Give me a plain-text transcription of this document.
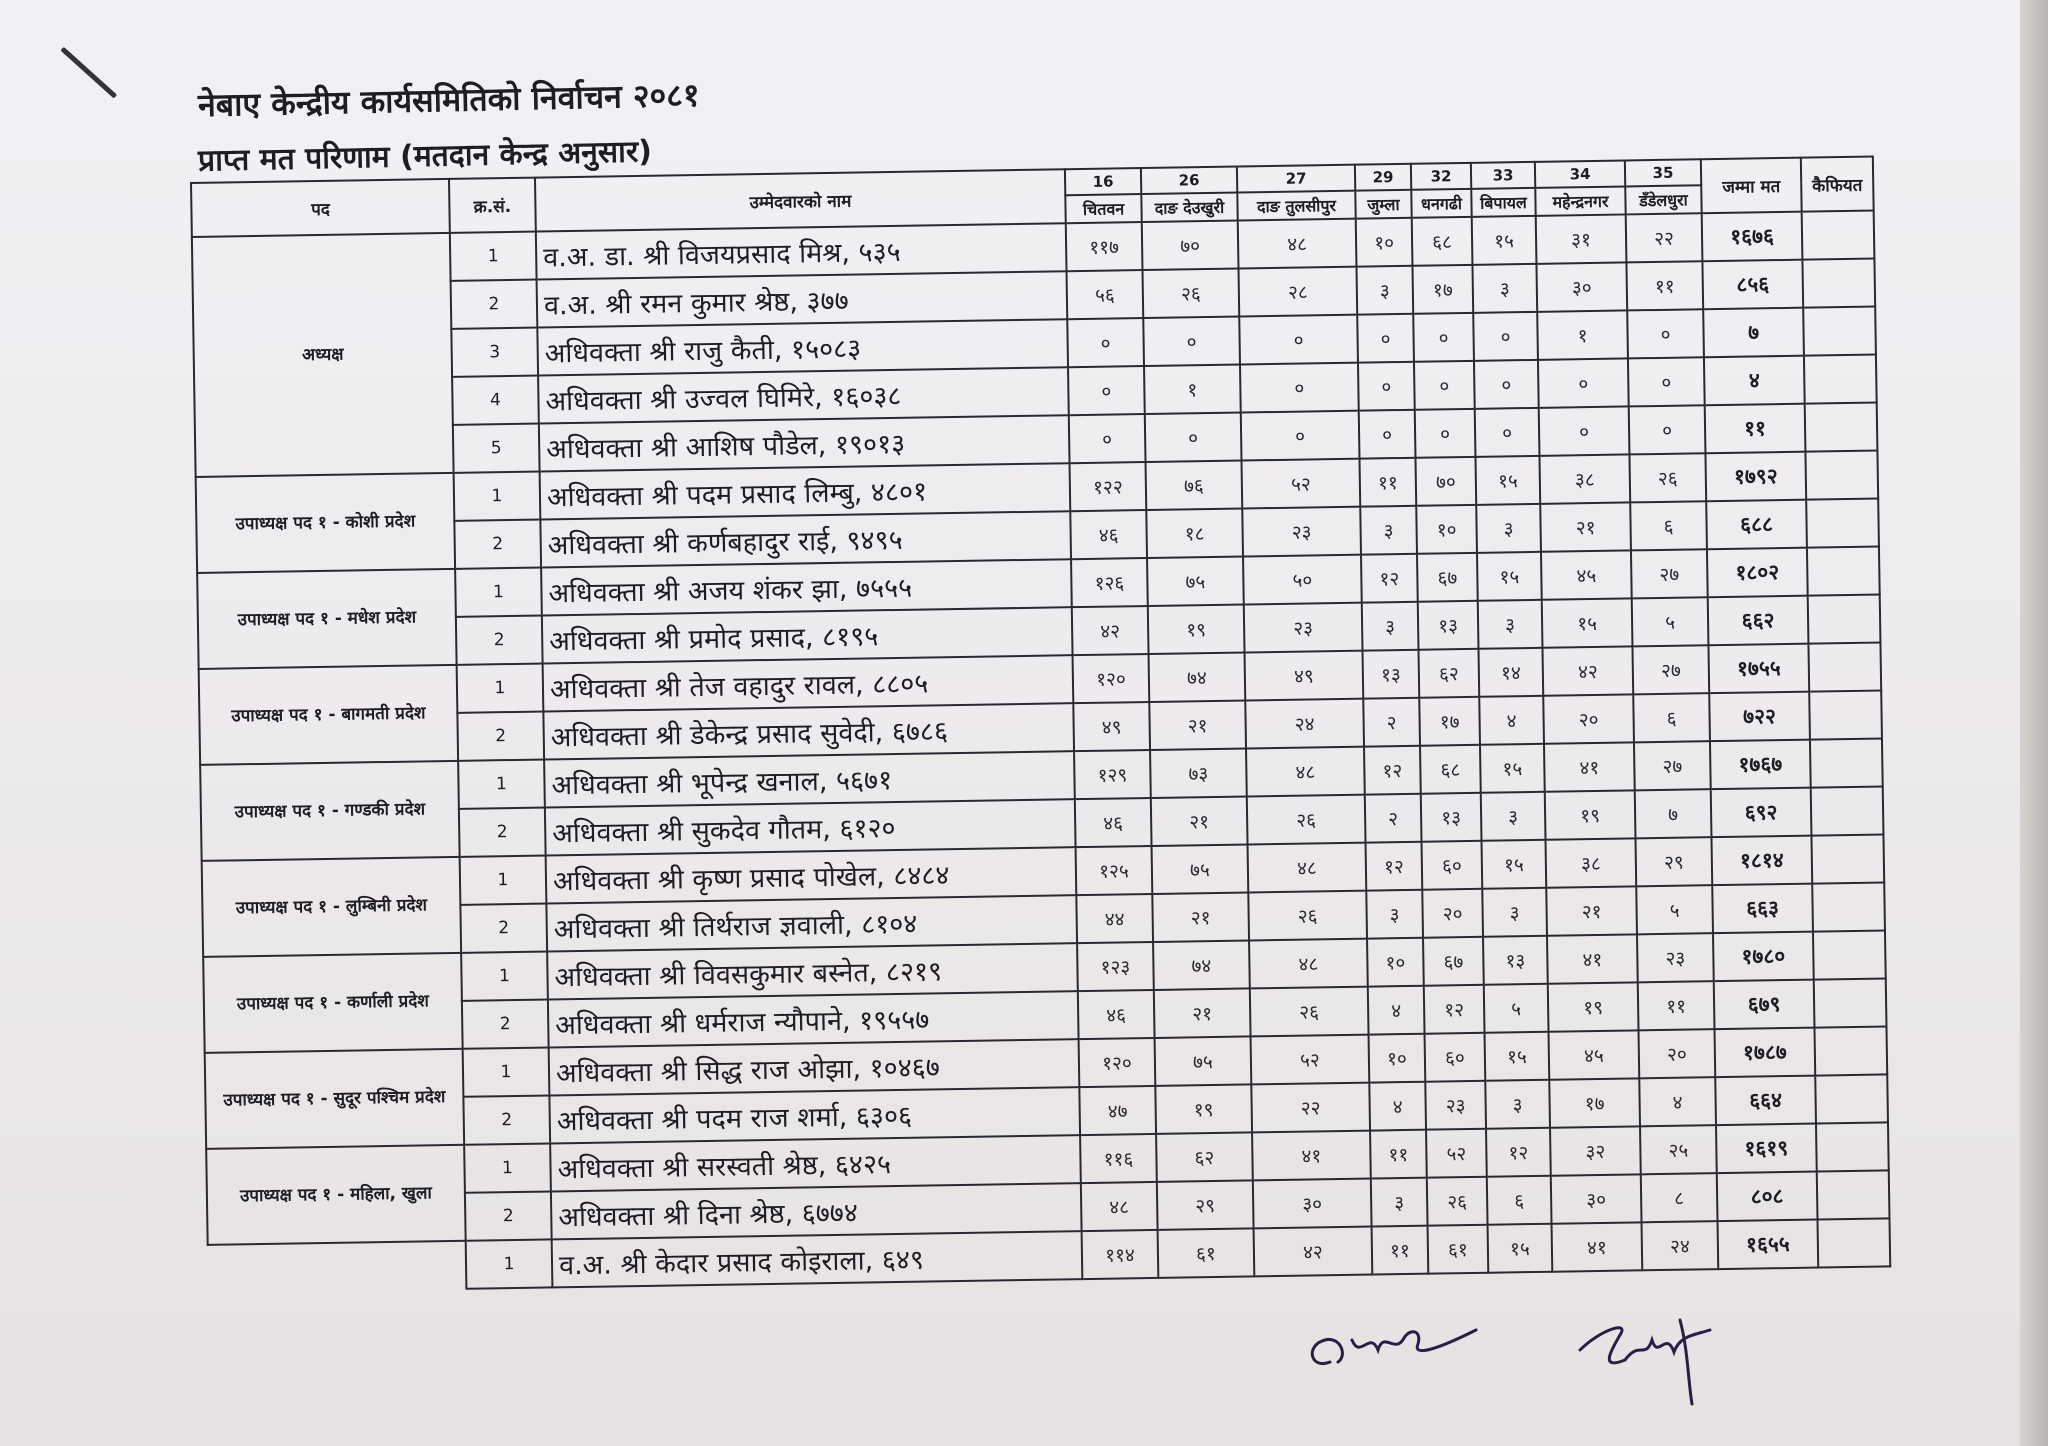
नेबाए केन्द्रीय कार्यसमितिको निर्वाचन २०८१
प्राप्त मत परिणाम (मतदान केन्द्र अनुसार)
पद	क्र.सं.	उम्मेदवारको नाम	16	26	27	29	32	33	34	35	जम्मा मत	कैफियत
			चितवन	दाङ देउखुरी	दाङ तुलसीपुर	जुम्ला	धनगढी	बिपायल	महेन्द्रनगर	डँडेलधुरा		
अध्यक्ष	1	व.अ. डा. श्री विजयप्रसाद मिश्र, ५३५	११७	७०	४८	१०	६८	१५	३१	२२	१६७६	
	2	व.अ. श्री रमन कुमार श्रेष्ठ, ३७७	५६	२६	२८	३	१७	३	३०	११	८५६	
	3	अधिवक्ता श्री राजु कैती, १५०८३	०	०	०	०	०	०	१	०	७	
	4	अधिवक्ता श्री उज्वल घिमिरे, १६०३८	०	१	०	०	०	०	०	०	४	
	5	अधिवक्ता श्री आशिष पौडेल, १९०१३	०	०	०	०	०	०	०	०	११	
उपाध्यक्ष पद १ - कोशी प्रदेश	1	अधिवक्ता श्री पदम प्रसाद लिम्बु, ४८०१	१२२	७६	५२	११	७०	१५	३८	२६	१७९२	
	2	अधिवक्ता श्री कर्णबहादुर राई, ९४९५	४६	१८	२३	३	१०	३	२१	६	६८८	
उपाध्यक्ष पद १ - मधेश प्रदेश	1	अधिवक्ता श्री अजय शंकर झा, ७५५५	१२६	७५	५०	१२	६७	१५	४५	२७	१८०२	
	2	अधिवक्ता श्री प्रमोद प्रसाद, ८१९५	४२	१९	२३	३	१३	३	१५	५	६६२	
उपाध्यक्ष पद १ - बागमती प्रदेश	1	अधिवक्ता श्री तेज वहादुर रावल, ८८०५	१२०	७४	४९	१३	६२	१४	४२	२७	१७५५	
	2	अधिवक्ता श्री डेकेन्द्र प्रसाद सुवेदी, ६७८६	४९	२१	२४	२	१७	४	२०	६	७२२	
उपाध्यक्ष पद १ - गण्डकी प्रदेश	1	अधिवक्ता श्री भूपेन्द्र खनाल, ५६७१	१२९	७३	४८	१२	६८	१५	४१	२७	१७६७	
	2	अधिवक्ता श्री सुकदेव गौतम, ६१२०	४६	२१	२६	२	१३	३	१९	७	६९२	
उपाध्यक्ष पद १ - लुम्बिनी प्रदेश	1	अधिवक्ता श्री कृष्ण प्रसाद पोखेल, ८४८४	१२५	७५	४८	१२	६०	१५	३८	२९	१८१४	
	2	अधिवक्ता श्री तिर्थराज ज्ञवाली, ८१०४	४४	२१	२६	३	२०	३	२१	५	६६३	
उपाध्यक्ष पद १ - कर्णाली प्रदेश	1	अधिवक्ता श्री विवसकुमार बस्नेत, ८२१९	१२३	७४	४८	१०	६७	१३	४१	२३	१७८०	
	2	अधिवक्ता श्री धर्मराज न्यौपाने, १९५५७	४६	२१	२६	४	१२	५	१९	११	६७९	
उपाध्यक्ष पद १ - सुदूर पश्चिम प्रदेश	1	अधिवक्ता श्री सिद्ध राज ओझा, १०४६७	१२०	७५	५२	१०	६०	१५	४५	२०	१७८७	
	2	अधिवक्ता श्री पदम राज शर्मा, ६३०६	४७	१९	२२	४	२३	३	१७	४	६६४	
उपाध्यक्ष पद १ - महिला, खुला	1	अधिवक्ता श्री सरस्वती श्रेष्ठ, ६४२५	११६	६२	४१	११	५२	१२	३२	२५	१६१९	
	2	अधिवक्ता श्री दिना श्रेष्ठ, ६७७४	४८	२९	३०	३	२६	६	३०	८	८०८	
	1	व.अ. श्री केदार प्रसाद कोइराला, ६४९	११४	६१	४२	११	६१	१५	४१	२४	१६५५	
